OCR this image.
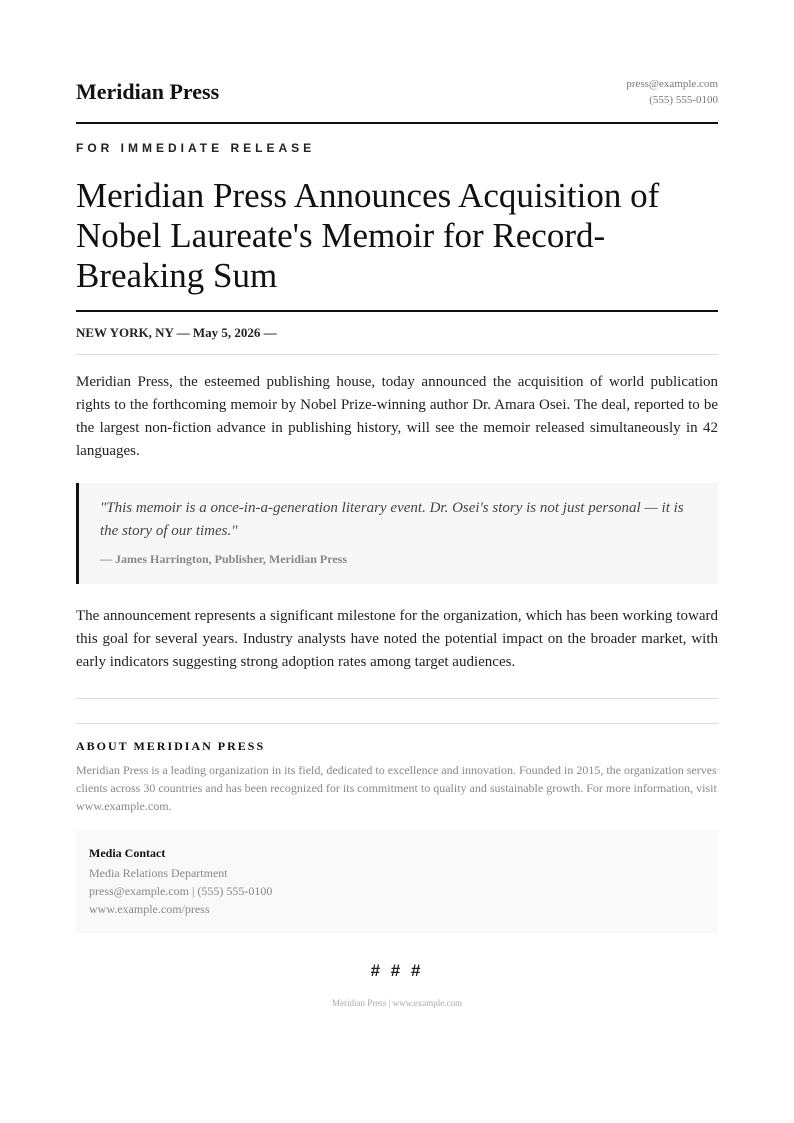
Meridian Press	press@example.com
(555) 555-0100
FOR IMMEDIATE RELEASE
Meridian Press Announces Acquisition of Nobel Laureate's Memoir for Record-Breaking Sum
NEW YORK, NY — May 5, 2026 —

Meridian Press, the esteemed publishing house, today announced the acquisition of world publication rights to the forthcoming memoir by Nobel Prize-winning author Dr. Amara Osei. The deal, reported to be the largest non-fiction advance in publishing history, will see the memoir released simultaneously in 42 languages.

"This memoir is a once-in-a-generation literary event. Dr. Osei's story is not just personal — it is the story of our times."

— James Harrington, Publisher, Meridian Press

The announcement represents a significant milestone for the organization, which has been working toward this goal for several years. Industry analysts have noted the potential impact on the broader market, with early indicators suggesting strong adoption rates among target audiences.

ABOUT MERIDIAN PRESS

Meridian Press is a leading organization in its field, dedicated to excellence and innovation. Founded in 2015, the organization serves clients across 30 countries and has been recognized for its commitment to quality and sustainable growth. For more information, visit www.example.com.

Media Contact
Media Relations Department
press@example.com | (555) 555-0100
www.example.com/press
# # #
Meridian Press | www.example.com
